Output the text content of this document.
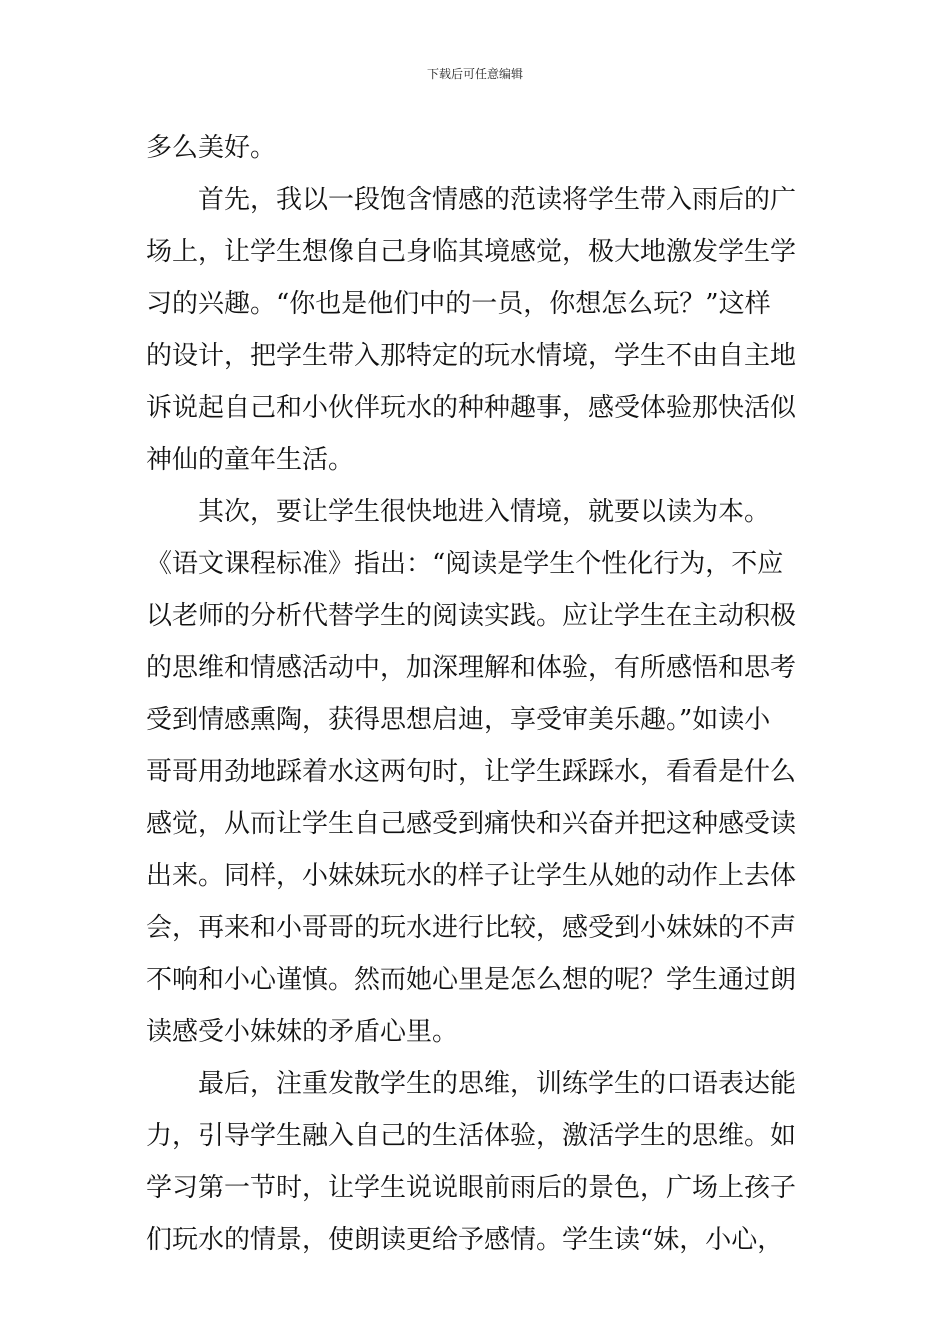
下载后可任意编辑
多么美好。
首先，我以一段饱含情感的范读将学生带入雨后的广
场上，让学生想像自己身临其境感觉，极大地激发学生学
习的兴趣。“你也是他们中的一员，你想怎么玩？”这样
的设计，把学生带入那特定的玩水情境，学生不由自主地
诉说起自己和小伙伴玩水的种种趣事，感受体验那快活似
神仙的童年生活。
其次，要让学生很快地进入情境，就要以读为本。
《语文课程标准》指出：“阅读是学生个性化行为，不应
以老师的分析代替学生的阅读实践。应让学生在主动积极
的思维和情感活动中，加深理解和体验，有所感悟和思考
受到情感熏陶，获得思想启迪，享受审美乐趣。”如读小
哥哥用劲地踩着水这两句时，让学生踩踩水，看看是什么
感觉，从而让学生自己感受到痛快和兴奋并把这种感受读
出来。同样，小妹妹玩水的样子让学生从她的动作上去体
会，再来和小哥哥的玩水进行比较，感受到小妹妹的不声
不响和小心谨慎。然而她心里是怎么想的呢？学生通过朗
读感受小妹妹的矛盾心里。
最后，注重发散学生的思维，训练学生的口语表达能
力，引导学生融入自己的生活体验，激活学生的思维。如
学习第一节时，让学生说说眼前雨后的景色，广场上孩子
们玩水的情景，使朗读更给予感情。学生读“妹，小心，
